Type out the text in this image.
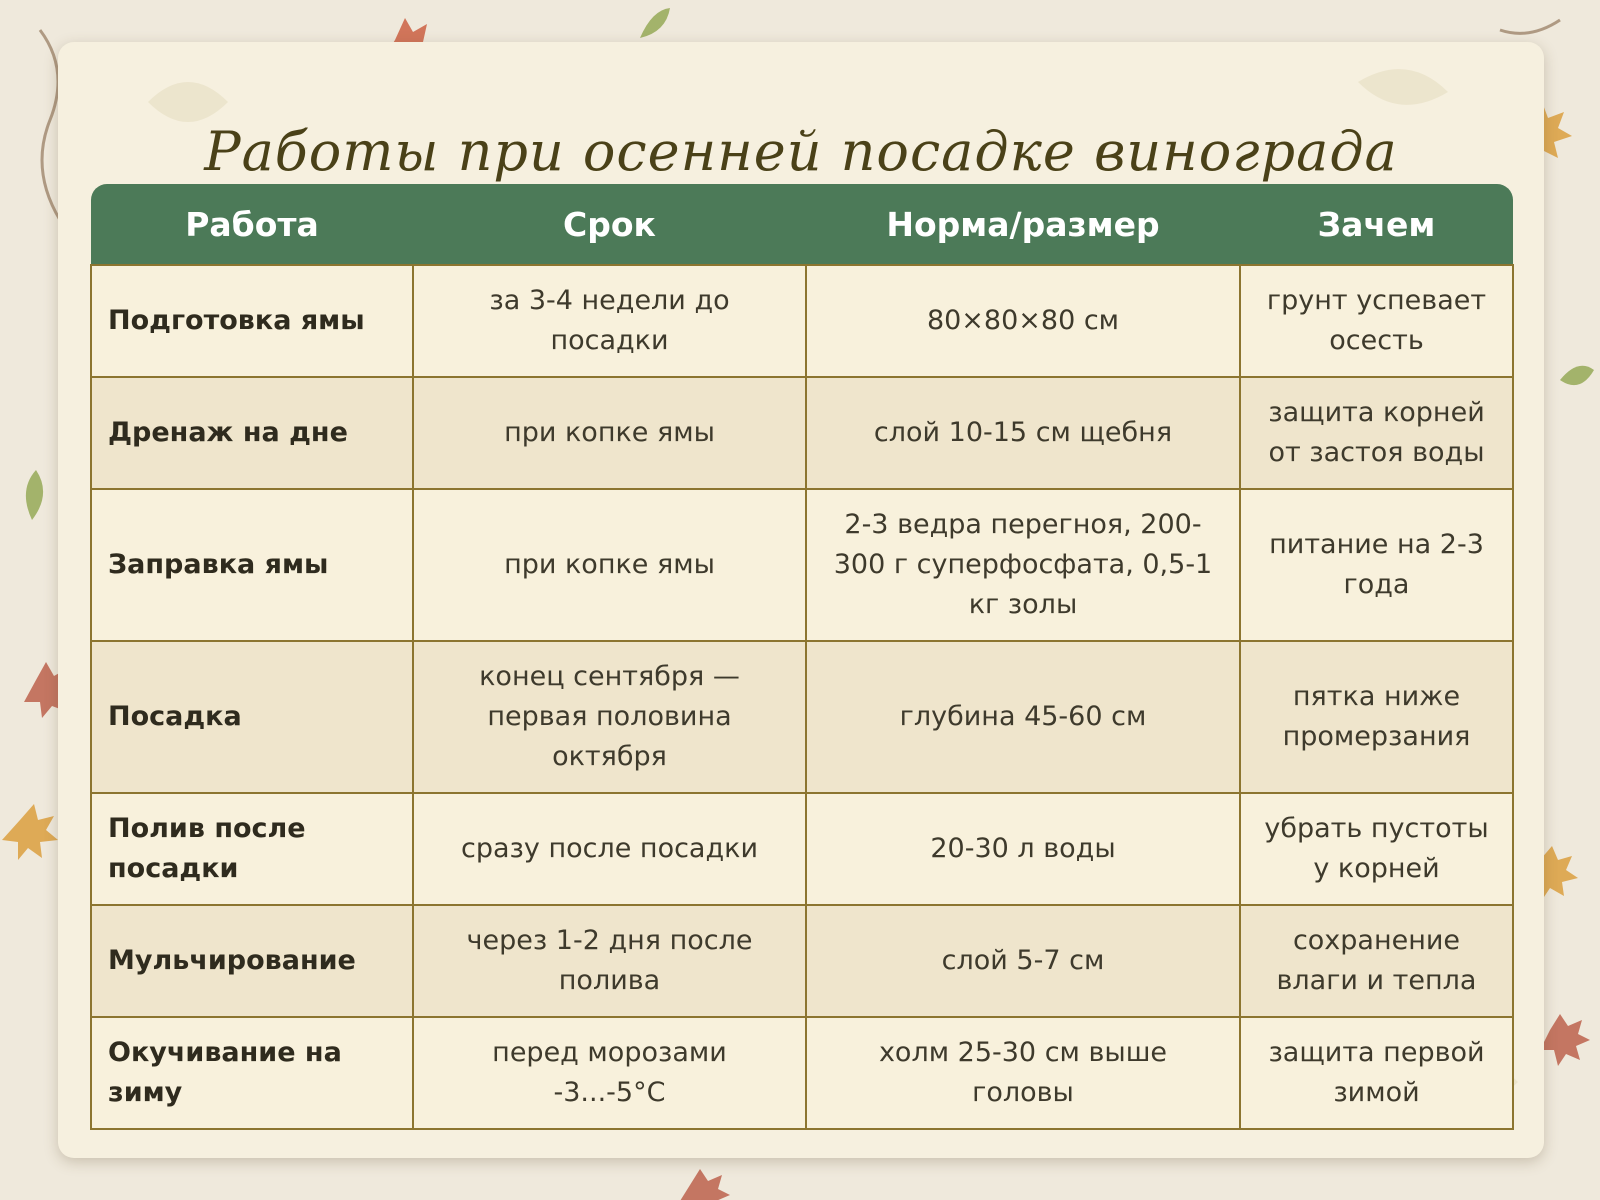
Работы при осенней посадке винограда
Работа	Срок	Норма/размер	Зачем
Подготовка ямы	за 3-4 недели до посадки	80×80×80 см	грунт успевает осесть
Дренаж на дне	при копке ямы	слой 10-15 см щебня	защита корней от застоя воды
Заправка ямы	при копке ямы	2-3 ведра перегноя, 200-300 г суперфосфата, 0,5-1 кг золы	питание на 2-3 года
Посадка	конец сентября — первая половина октября	глубина 45-60 см	пятка ниже промерзания
Полив после посадки	сразу после посадки	20-30 л воды	убрать пустоты у корней
Мульчирование	через 1-2 дня после полива	слой 5-7 см	сохранение влаги и тепла
Окучивание на зиму	перед морозами -3...-5°C	холм 25-30 см выше головы	защита первой зимой
